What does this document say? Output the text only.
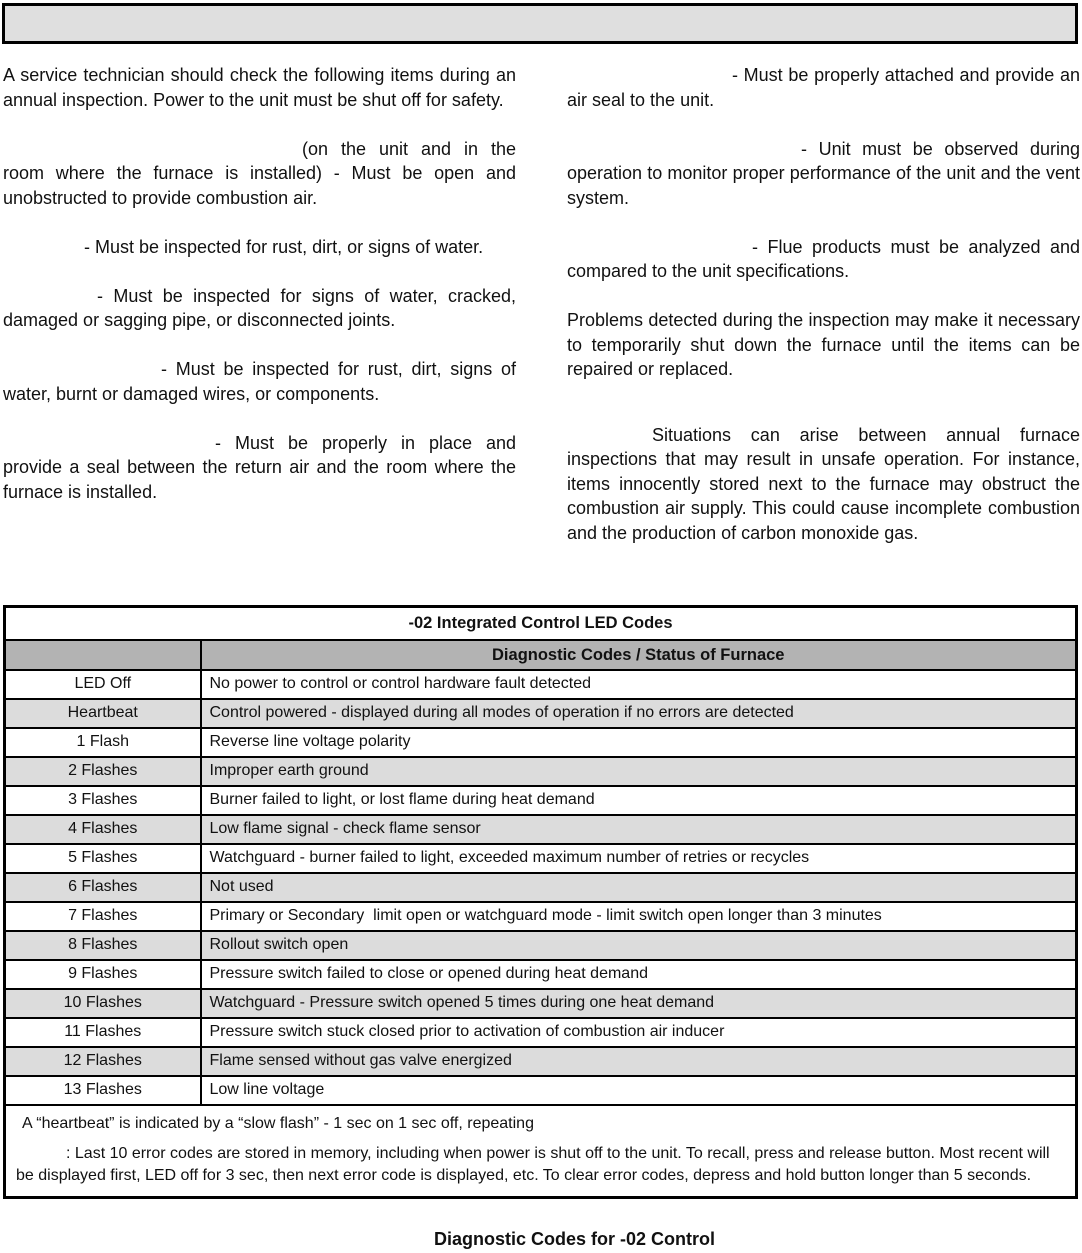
A service technician should check the following items during an annual inspection. Power to the unit must be shut off for safety.

(on the unit and in the room where the furnace is installed) - Must be open and unobstructed to provide combustion air.

- Must be inspected for rust, dirt, or signs of water.

- Must be inspected for signs of water, cracked, damaged or sagging pipe, or disconnected joints.

- Must be inspected for rust, dirt, signs of water, burnt or damaged wires, or components.

- Must be properly in place and provide a seal between the return air and the room where the furnace is installed.

- Must be properly attached and provide an air seal to the unit.

- Unit must be observed during operation to monitor proper performance of the unit and the vent system.

- Flue products must be analyzed and compared to the unit specifications.

Problems detected during the inspection may make it necessary to temporarily shut down the furnace until the items can be repaired or replaced.

Situations can arise between annual furnace inspections that may result in unsafe operation. For instance, items innocently stored next to the furnace may obstruct the combustion air supply. This could cause incomplete combustion and the production of carbon monoxide gas.

-02 Integrated Control LED Codes	
	Diagnostic Codes / Status of Furnace
LED Off	No power to control or control hardware fault detected
Heartbeat	Control powered - displayed during all modes of operation if no errors are detected
1 Flash	Reverse line voltage polarity
2 Flashes	Improper earth ground
3 Flashes	Burner failed to light, or lost flame during heat demand
4 Flashes	Low flame signal - check flame sensor
5 Flashes	Watchguard - burner failed to light, exceeded maximum number of retries or recycles
6 Flashes	Not used
7 Flashes	Primary or Secondary  limit open or watchguard mode - limit switch open longer than 3 minutes
8 Flashes	Rollout switch open
9 Flashes	Pressure switch failed to close or opened during heat demand
10 Flashes	Watchguard - Pressure switch opened 5 times during one heat demand
11 Flashes	Pressure switch stuck closed prior to activation of combustion air inducer
12 Flashes	Flame sensed without gas valve energized
13 Flashes	Low line voltage

A “heartbeat” is indicated by a “slow flash” - 1 sec on 1 sec off, repeating

: Last 10 error codes are stored in memory, including when power is shut off to the unit. To recall, press and release button. Most recent will be displayed first, LED off for 3 sec, then next error code is displayed, etc. To clear error codes, depress and hold button longer than 5 seconds.	

Diagnostic Codes for -02 Control
